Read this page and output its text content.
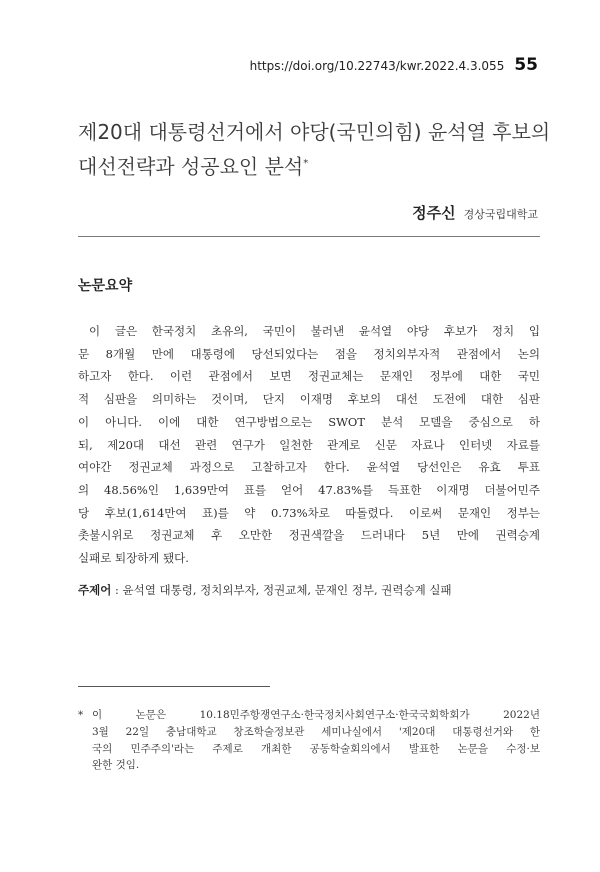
https://doi.org/10.22743/kwr.2022.4.3.055 55
제20대 대통령선거에서 야당(국민의힘) 윤석열 후보의
대선전략과 성공요인 분석*
정주신 경상국립대학교
논문요약
이 글은 한국정치 초유의, 국민이 불러낸 윤석열 야당 후보가 정치 입
문 8개월 만에 대통령에 당선되었다는 점을 정치외부자적 관점에서 논의
하고자 한다. 이런 관점에서 보면 정권교체는 문재인 정부에 대한 국민
적 심판을 의미하는 것이며, 단지 이재명 후보의 대선 도전에 대한 심판
이 아니다. 이에 대한 연구방법으로는 SWOT 분석 모델을 중심으로 하
되, 제20대 대선 관련 연구가 일천한 관계로 신문 자료나 인터넷 자료를
여야간 정권교체 과정으로 고찰하고자 한다. 윤석열 당선인은 유효 투표
의 48.56%인 1,639만여 표를 얻어 47.83%를 득표한 이재명 더불어민주
당 후보(1,614만여 표)를 약 0.73%차로 따돌렸다. 이로써 문재인 정부는
촛불시위로 정권교체 후 오만한 정권색깔을 드러내다 5년 만에 권력승계
실패로 퇴장하게 됐다.
주제어 : 윤석열 대통령, 정치외부자, 정권교체, 문재인 정부, 권력승계 실패
* 이 논문은 10.18민주항쟁연구소·한국정치사회연구소·한국국회학회가 2022년
3월 22일 충남대학교 창조학술정보관 세미나실에서 '제20대 대통령선거와 한
국의 민주주의'라는 주제로 개최한 공동학술회의에서 발표한 논문을 수정·보
완한 것임.
